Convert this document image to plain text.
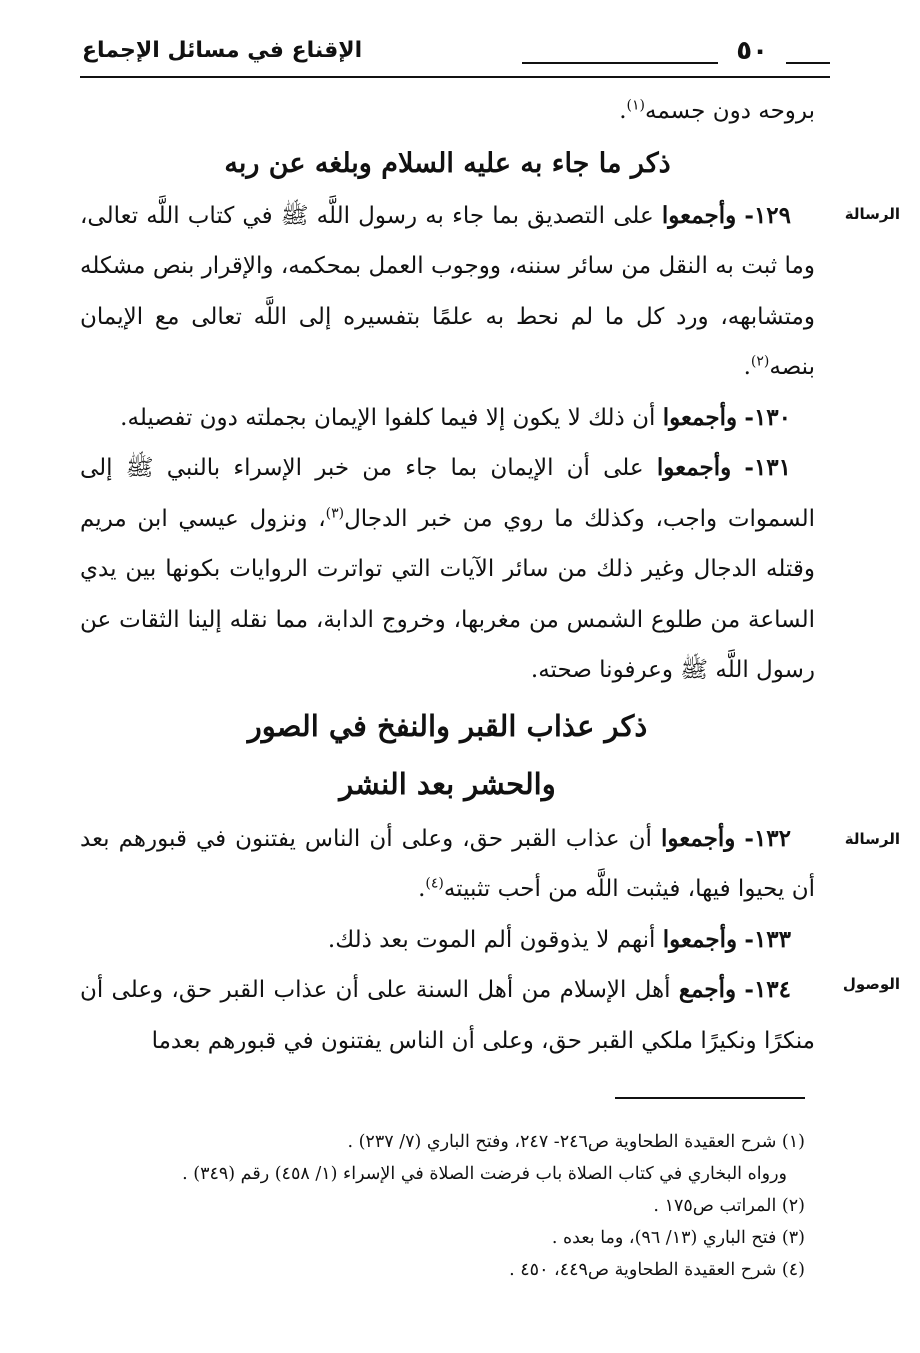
٥٠
الإقناع في مسائل الإجماع
الرسالة
الرسالة
الوصول

بروحه دون جسمه$^{(١)}$.

ذكر ما جاء به عليه السلام وبلغه عن ربه

١٢٩- وأجمعوا على التصديق بما جاء به رسول اللَّه ﷺ في كتاب اللَّه تعالى، وما ثبت به النقل من سائر سننه، ووجوب العمل بمحكمه، والإقرار بنص مشكله ومتشابهه، ورد كل ما لم نحط به علمًا بتفسيره إلى اللَّه تعالى مع الإيمان بنصه$^{(٢)}$.

١٣٠- وأجمعوا أن ذلك لا يكون إلا فيما كلفوا الإيمان بجملته دون تفصيله.

١٣١- وأجمعوا على أن الإيمان بما جاء من خبر الإسراء بالنبي ﷺ إلى السموات واجب، وكذلك ما روي من خبر الدجال$^{(٣)}$، ونزول عيسي ابن مريم وقتله الدجال وغير ذلك من سائر الآيات التي تواترت الروايات بكونها بين يدي الساعة من طلوع الشمس من مغربها، وخروج الدابة، مما نقله إلينا الثقات عن رسول اللَّه ﷺ وعرفونا صحته.

ذكر عذاب القبر والنفخ في الصور

والحشر بعد النشر

١٣٢- وأجمعوا أن عذاب القبر حق، وعلى أن الناس يفتنون في قبورهم بعد أن يحيوا فيها، فيثبت اللَّه من أحب تثبيته$^{(٤)}$.

١٣٣- وأجمعوا أنهم لا يذوقون ألم الموت بعد ذلك.

١٣٤- وأجمع أهل الإسلام من أهل السنة على أن عذاب القبر حق، وعلى أن منكرًا ونكيرًا ملكي القبر حق، وعلى أن الناس يفتنون في قبورهم بعدما

(١) شرح العقيدة الطحاوية ص٢٤٦- ٢٤٧، وفتح الباري (٧/ ٢٣٧) .

ورواه البخاري في كتاب الصلاة باب فرضت الصلاة في الإسراء (١/ ٤٥٨) رقم (٣٤٩) .

(٢) المراتب ص١٧٥ .

(٣) فتح الباري (١٣/ ٩٦)، وما بعده .

(٤) شرح العقيدة الطحاوية ص٤٤٩، ٤٥٠ .
